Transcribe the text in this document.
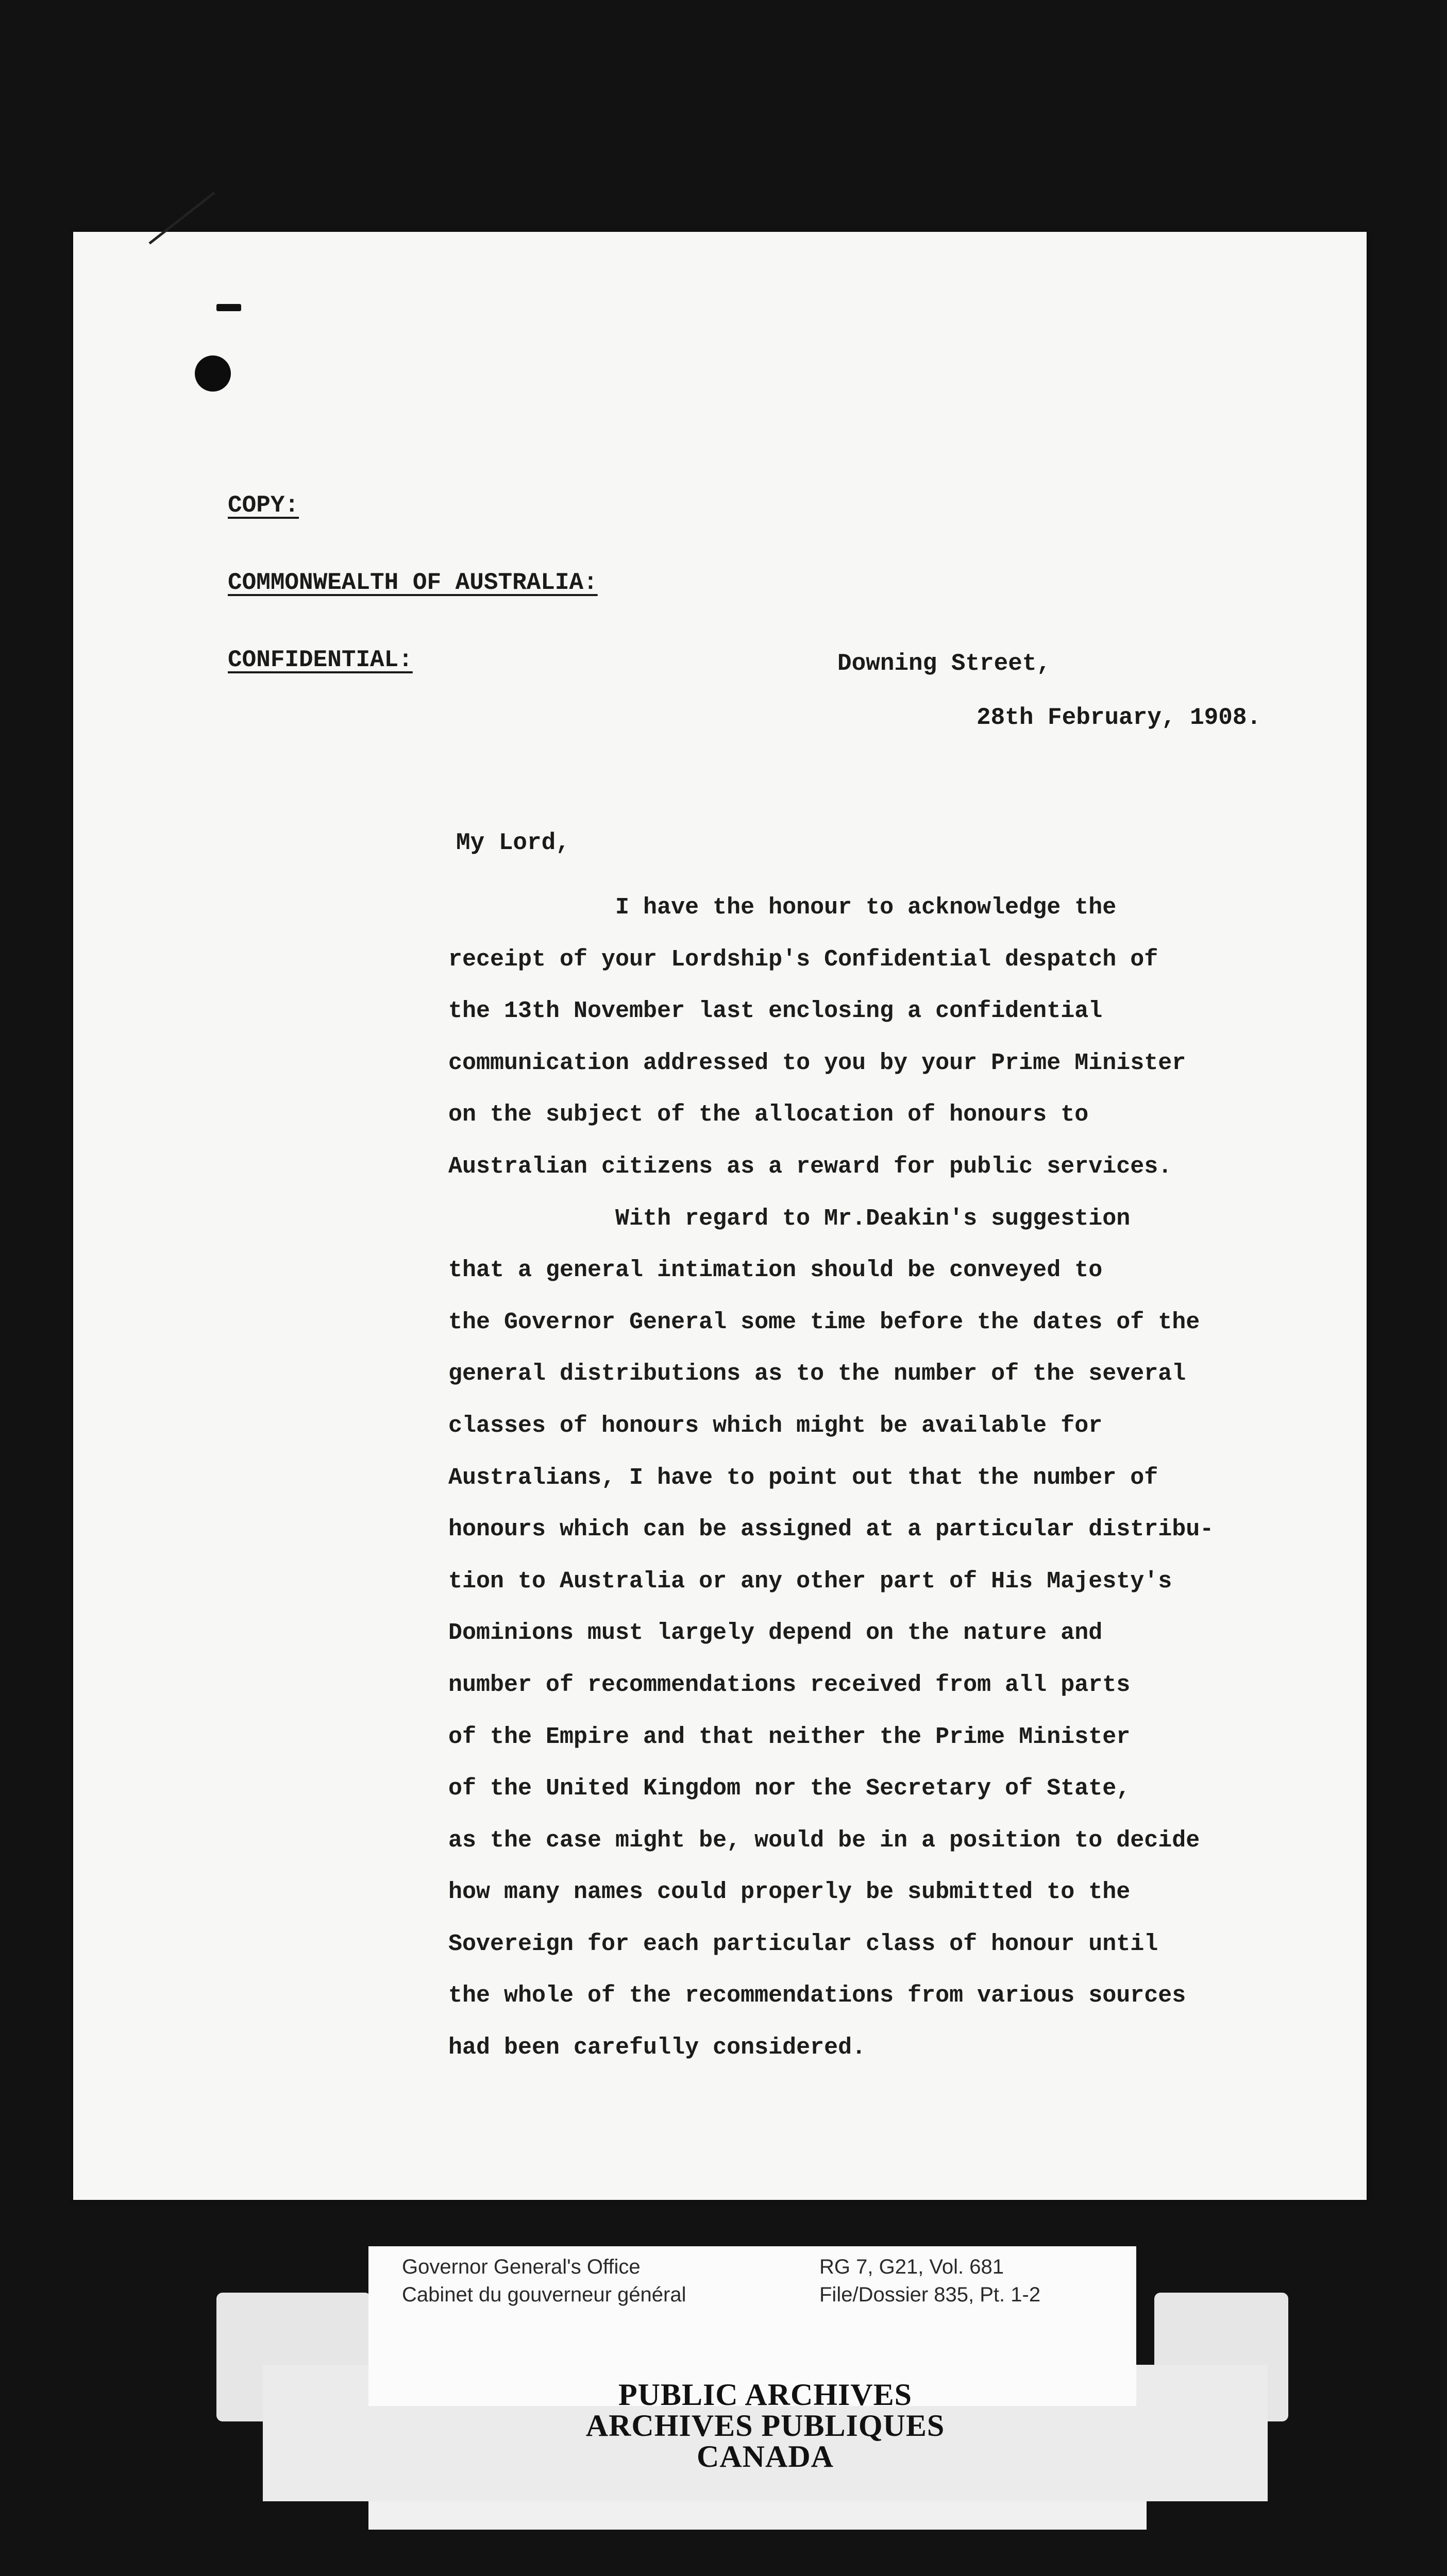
COPY:
COMMONWEALTH OF AUSTRALIA:
CONFIDENTIAL:	Downing Street,
28th February, 1908.
My Lord,
I have the honour to acknowledge the
receipt of your Lordship's Confidential despatch of
the 13th November last enclosing a confidential
communication addressed to you by your Prime Minister
on the subject of the allocation of honours to
Australian citizens as a reward for public services.
With regard to Mr.Deakin's suggestion
that a general intimation should be conveyed to
the Governor General some time before the dates of the
general distributions as to the number of the several
classes of honours which might be available for
Australians, I have to point out that the number of
honours which can be assigned at a particular distribu-
tion to Australia or any other part of His Majesty's
Dominions must largely depend on the nature and
number of recommendations received from all parts
of the Empire and that neither the Prime Minister
of the United Kingdom nor the Secretary of State,
as the case might be, would be in a position to decide
how many names could properly be submitted to the
Sovereign for each particular class of honour until
the whole of the recommendations from various sources
had been carefully considered.
Governor General's Office
Cabinet du gouverneur général
RG 7, G21, Vol. 681
File/Dossier 835, Pt. 1-2
PUBLIC ARCHIVES
ARCHIVES PUBLIQUES
CANADA
